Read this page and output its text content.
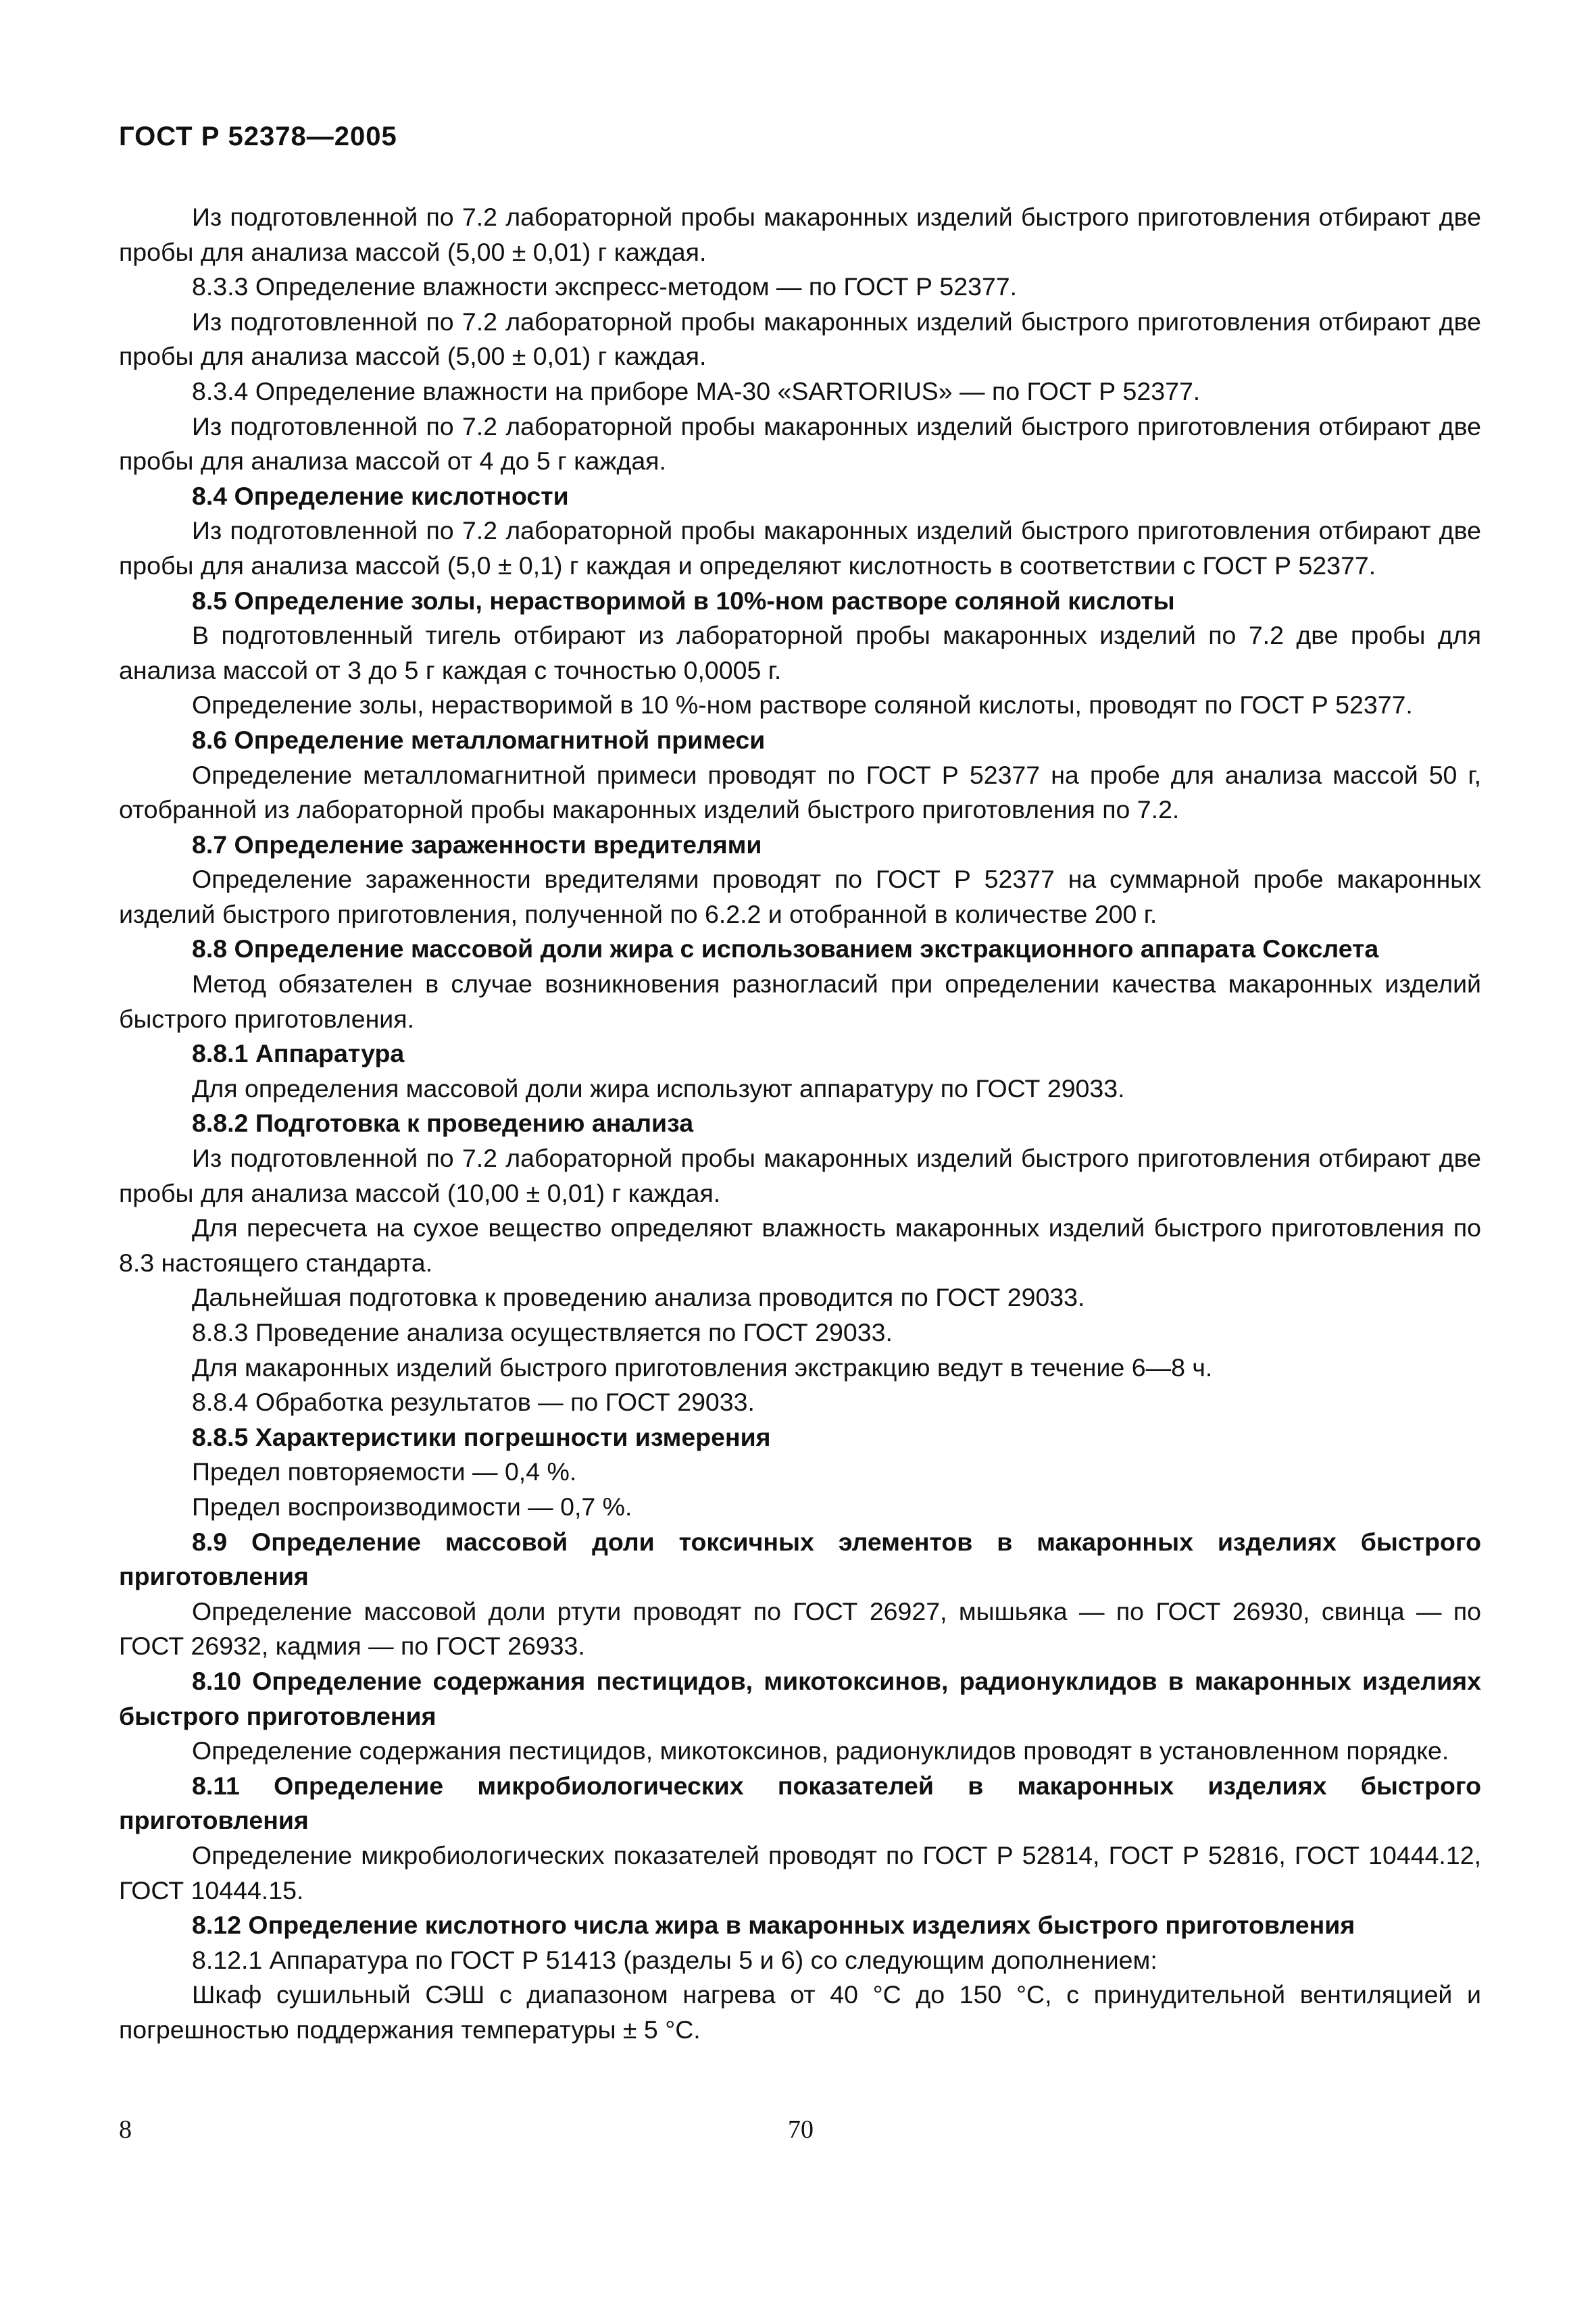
ГОСТ Р 52378—2005

Из подготовленной по 7.2 лабораторной пробы макаронных изделий быстрого приготовления отбирают две пробы для анализа массой (5,00 ± 0,01) г каждая.

8.3.3 Определение влажности экспресс-методом — по ГОСТ Р 52377.

Из подготовленной по 7.2 лабораторной пробы макаронных изделий быстрого приготовления отбирают две пробы для анализа массой (5,00 ± 0,01) г каждая.

8.3.4 Определение влажности на приборе МА-30 «SARTORIUS» — по ГОСТ Р 52377.

Из подготовленной по 7.2 лабораторной пробы макаронных изделий быстрого приготовления отбирают две пробы для анализа массой от 4 до 5 г каждая.

8.4 Определение кислотности

Из подготовленной по 7.2 лабораторной пробы макаронных изделий быстрого приготовления отбирают две пробы для анализа массой (5,0 ± 0,1) г каждая и определяют кислотность в соответствии с ГОСТ Р 52377.

8.5 Определение золы, нерастворимой в 10%-ном растворе соляной кислоты

В подготовленный тигель отбирают из лабораторной пробы макаронных изделий по 7.2 две пробы для анализа массой от 3 до 5 г каждая с точностью 0,0005 г.

Определение золы, нерастворимой в 10 %-ном растворе соляной кислоты, проводят по ГОСТ Р 52377.

8.6 Определение металломагнитной примеси

Определение металломагнитной примеси проводят по ГОСТ Р 52377 на пробе для анализа массой 50 г, отобранной из лабораторной пробы макаронных изделий быстрого приготовления по 7.2.

8.7 Определение зараженности вредителями

Определение зараженности вредителями проводят по ГОСТ Р 52377 на суммарной пробе макаронных изделий быстрого приготовления, полученной по 6.2.2 и отобранной в количестве 200 г.

8.8 Определение массовой доли жира с использованием экстракционного аппарата Сокслета

Метод обязателен в случае возникновения разногласий при определении качества макаронных изделий быстрого приготовления.

8.8.1 Аппаратура

Для определения массовой доли жира используют аппаратуру по ГОСТ 29033.

8.8.2 Подготовка к проведению анализа

Из подготовленной по 7.2 лабораторной пробы макаронных изделий быстрого приготовления отбирают две пробы для анализа массой (10,00 ± 0,01) г каждая.

Для пересчета на сухое вещество определяют влажность макаронных изделий быстрого приготовления по 8.3 настоящего стандарта.

Дальнейшая подготовка к проведению анализа проводится по ГОСТ 29033.

8.8.3 Проведение анализа осуществляется по ГОСТ 29033.

Для макаронных изделий быстрого приготовления экстракцию ведут в течение 6—8 ч.

8.8.4 Обработка результатов — по ГОСТ 29033.

8.8.5 Характеристики погрешности измерения

Предел повторяемости — 0,4 %.

Предел воспроизводимости — 0,7 %.

8.9 Определение массовой доли токсичных элементов в макаронных изделиях быстрого приготовления

Определение массовой доли ртути проводят по ГОСТ 26927, мышьяка — по ГОСТ 26930, свинца — по ГОСТ 26932, кадмия — по ГОСТ 26933.

8.10 Определение содержания пестицидов, микотоксинов, радионуклидов в макаронных изделиях быстрого приготовления

Определение содержания пестицидов, микотоксинов, радионуклидов проводят в установленном порядке.

8.11 Определение микробиологических показателей в макаронных изделиях быстрого приготовления

Определение микробиологических показателей проводят по ГОСТ Р 52814, ГОСТ Р 52816, ГОСТ 10444.12, ГОСТ 10444.15.

8.12 Определение кислотного числа жира в макаронных изделиях быстрого приготовления

8.12.1 Аппаратура по ГОСТ Р 51413 (разделы 5 и 6) со следующим дополнением:

Шкаф сушильный СЭШ с диапазоном нагрева от 40 °С до 150 °С, с принудительной вентиляцией и погрешностью поддержания температуры ± 5 °С.

8	70
